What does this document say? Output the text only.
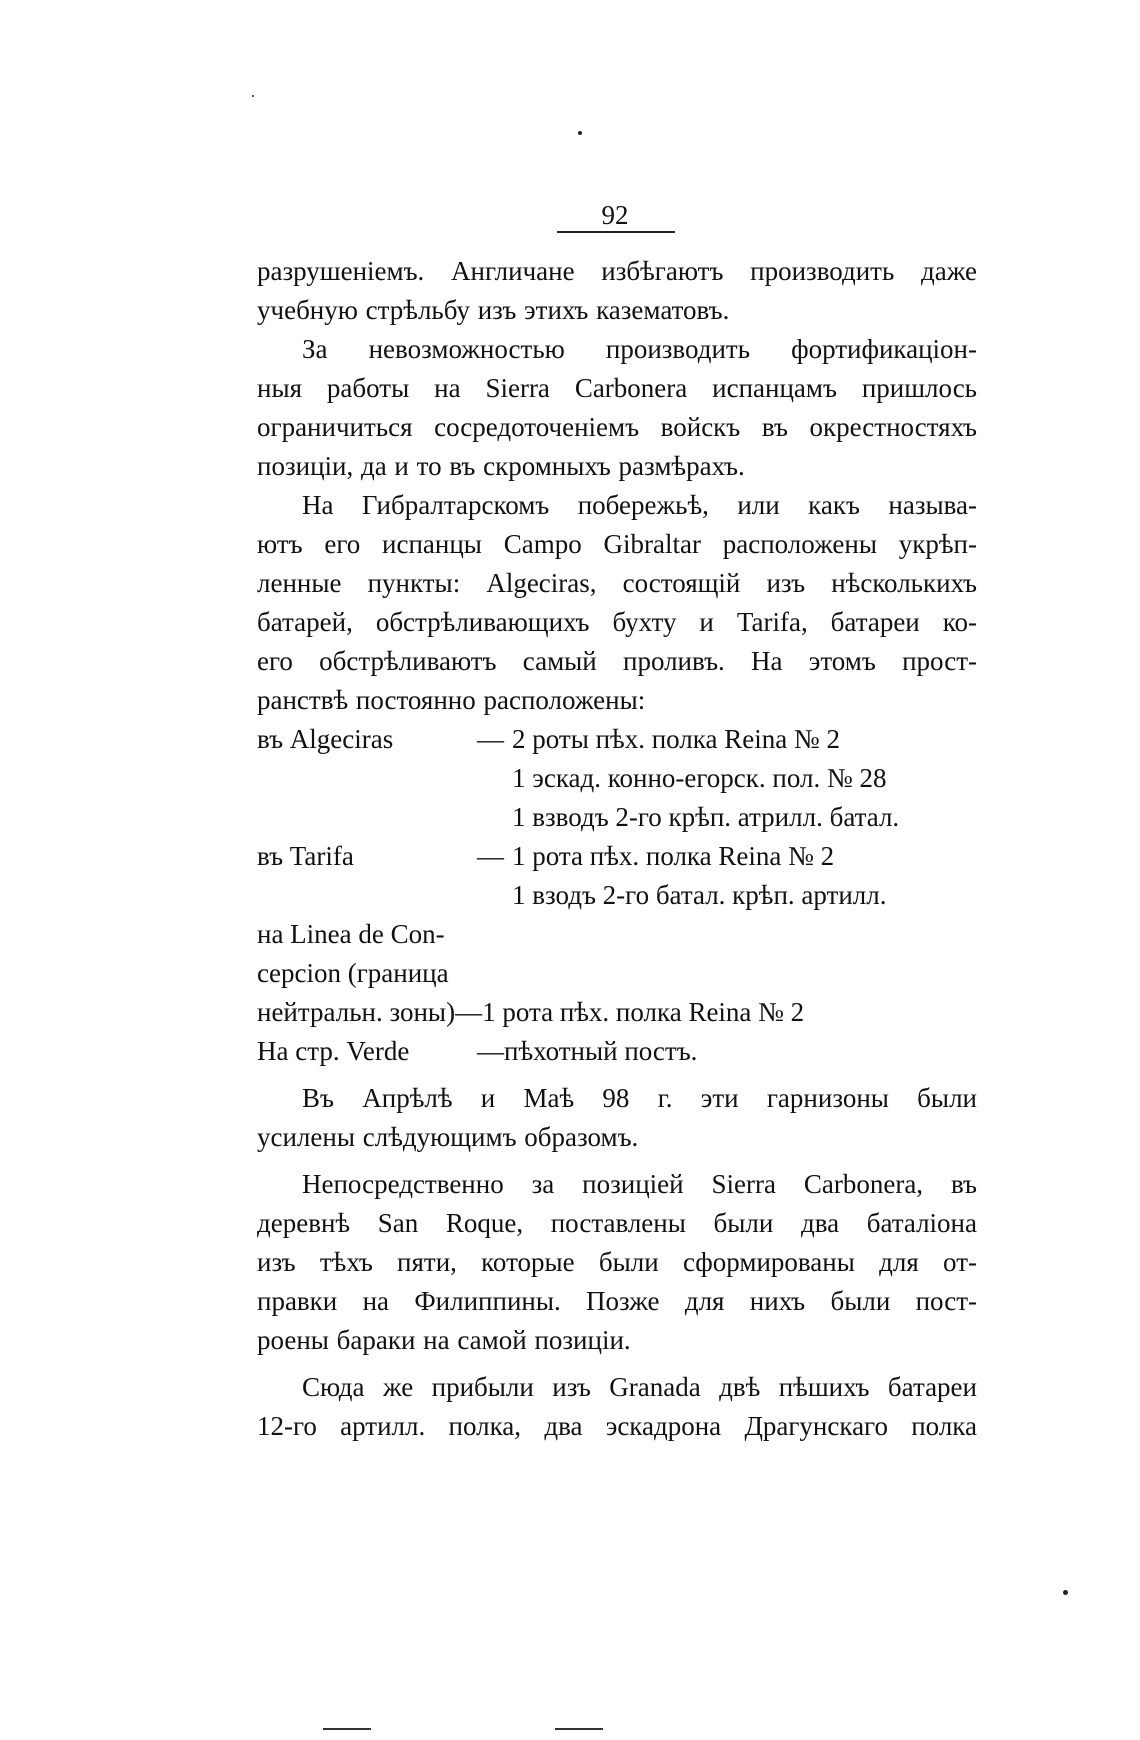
92

разрушеніемъ. Англичане избѣгаютъ производить даже

учебную стрѣльбу изъ этихъ казематовъ.

За невозможностью производить фортификаціон-

ныя работы на Sierra Carbonera испанцамъ пришлось

ограничиться сосредоточеніемъ войскъ въ окрестностяхъ

позиціи, да и то въ скромныхъ размѣрахъ.

На Гибралтарскомъ побережьѣ, или какъ называ-

ютъ его испанцы Campo Gibraltar расположены укрѣп-

ленные пункты: Algeciras, состоящій изъ нѣсколькихъ

батарей, обстрѣливающихъ бухту и Tarifa, батареи ко-

его обстрѣливаютъ самый проливъ. На этомъ прост-

ранствѣ постоянно расположены:

въ Algeciras	— 2 роты пѣх. полка Reina № 2
1 эскад. конно-егорск. пол. № 28
1 взводъ 2-го крѣп. атрилл. батал.
въ Tarifa	— 1 рота пѣх. полка Reina № 2
1 взодъ 2-го батал. крѣп. артилл.
на Linea de Con-
cepcion (граница
нейтральн. зоны) —1 рота пѣх. полка Reina № 2
На стр. Verde	—пѣхотный постъ.

Въ Апрѣлѣ и Маѣ 98 г. эти гарнизоны были

усилены слѣдующимъ образомъ.

Непосредственно за позиціей Sierra Carbonera, въ

деревнѣ San Roque, поставлены были два баталіона

изъ тѣхъ пяти, которые были сформированы для от-

правки на Филиппины. Позже для нихъ были пост-

роены бараки на самой позиціи.

Сюда же прибыли изъ Granada двѣ пѣшихъ батареи

12-го артилл. полка, два эскадрона Драгунскаго полка
